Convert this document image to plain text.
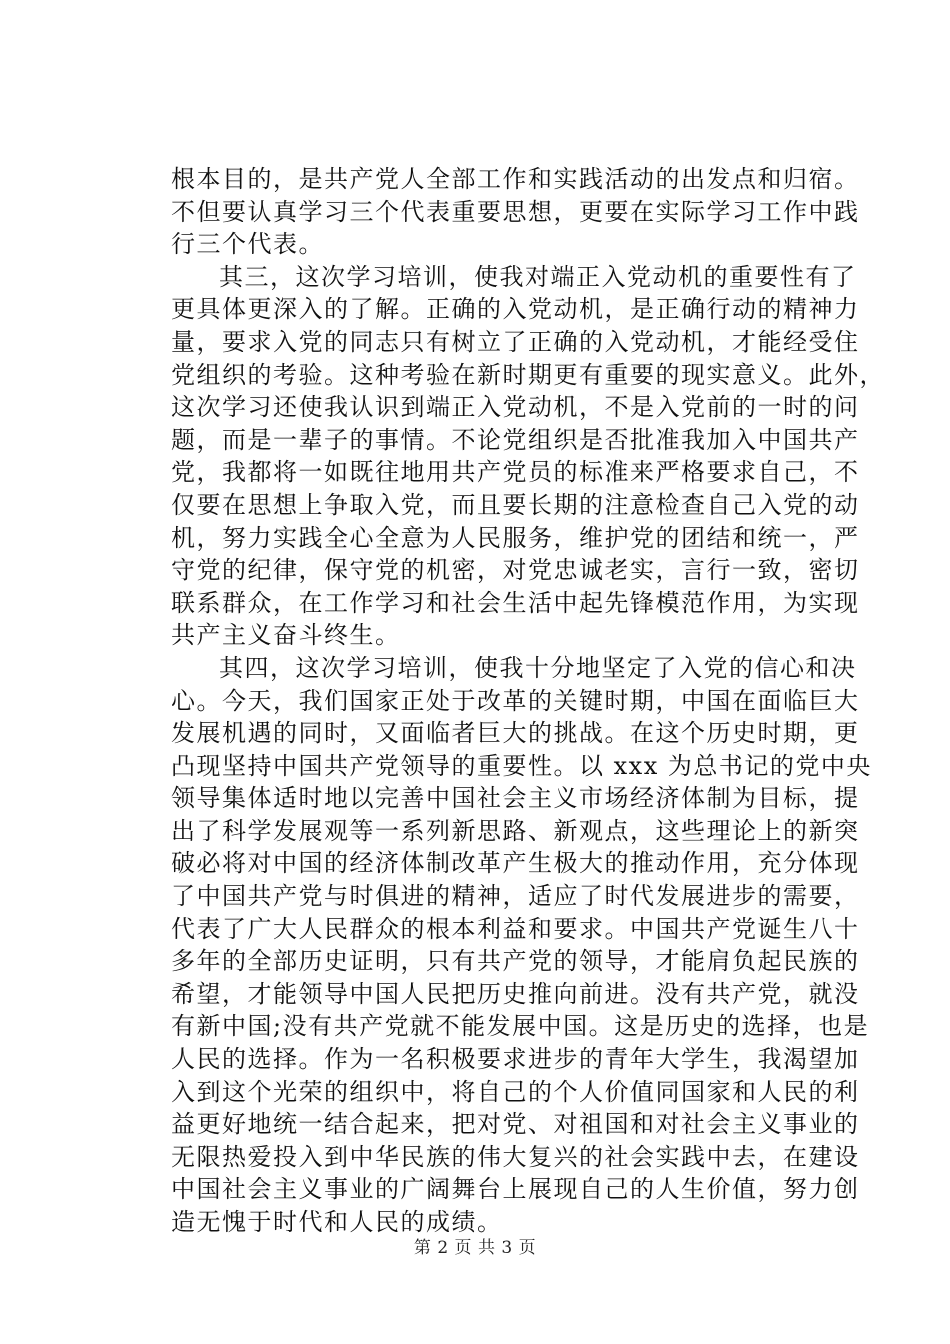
根本目的，是共产党人全部工作和实践活动的出发点和归宿。
不但要认真学习三个代表重要思想，更要在实际学习工作中践
行三个代表。
其三，这次学习培训，使我对端正入党动机的重要性有了
更具体更深入的了解。正确的入党动机，是正确行动的精神力
量，要求入党的同志只有树立了正确的入党动机，才能经受住
党组织的考验。这种考验在新时期更有重要的现实意义。此外，
这次学习还使我认识到端正入党动机，不是入党前的一时的问
题，而是一辈子的事情。不论党组织是否批准我加入中国共产
党，我都将一如既往地用共产党员的标准来严格要求自己，不
仅要在思想上争取入党，而且要长期的注意检查自己入党的动
机，努力实践全心全意为人民服务，维护党的团结和统一，严
守党的纪律，保守党的机密，对党忠诚老实，言行一致，密切
联系群众，在工作学习和社会生活中起先锋模范作用，为实现
共产主义奋斗终生。
其四，这次学习培训，使我十分地坚定了入党的信心和决
心。今天，我们国家正处于改革的关键时期，中国在面临巨大
发展机遇的同时，又面临者巨大的挑战。在这个历史时期，更
凸现坚持中国共产党领导的重要性。以 xxx 为总书记的党中央
领导集体适时地以完善中国社会主义市场经济体制为目标，提
出了科学发展观等一系列新思路、新观点，这些理论上的新突
破必将对中国的经济体制改革产生极大的推动作用，充分体现
了中国共产党与时俱进的精神，适应了时代发展进步的需要，
代表了广大人民群众的根本利益和要求。中国共产党诞生八十
多年的全部历史证明，只有共产党的领导，才能肩负起民族的
希望，才能领导中国人民把历史推向前进。没有共产党，就没
有新中国;没有共产党就不能发展中国。这是历史的选择，也是
人民的选择。作为一名积极要求进步的青年大学生，我渴望加
入到这个光荣的组织中，将自己的个人价值同国家和人民的利
益更好地统一结合起来，把对党、对祖国和对社会主义事业的
无限热爱投入到中华民族的伟大复兴的社会实践中去，在建设
中国社会主义事业的广阔舞台上展现自己的人生价值，努力创
造无愧于时代和人民的成绩。
第 2 页 共 3 页
